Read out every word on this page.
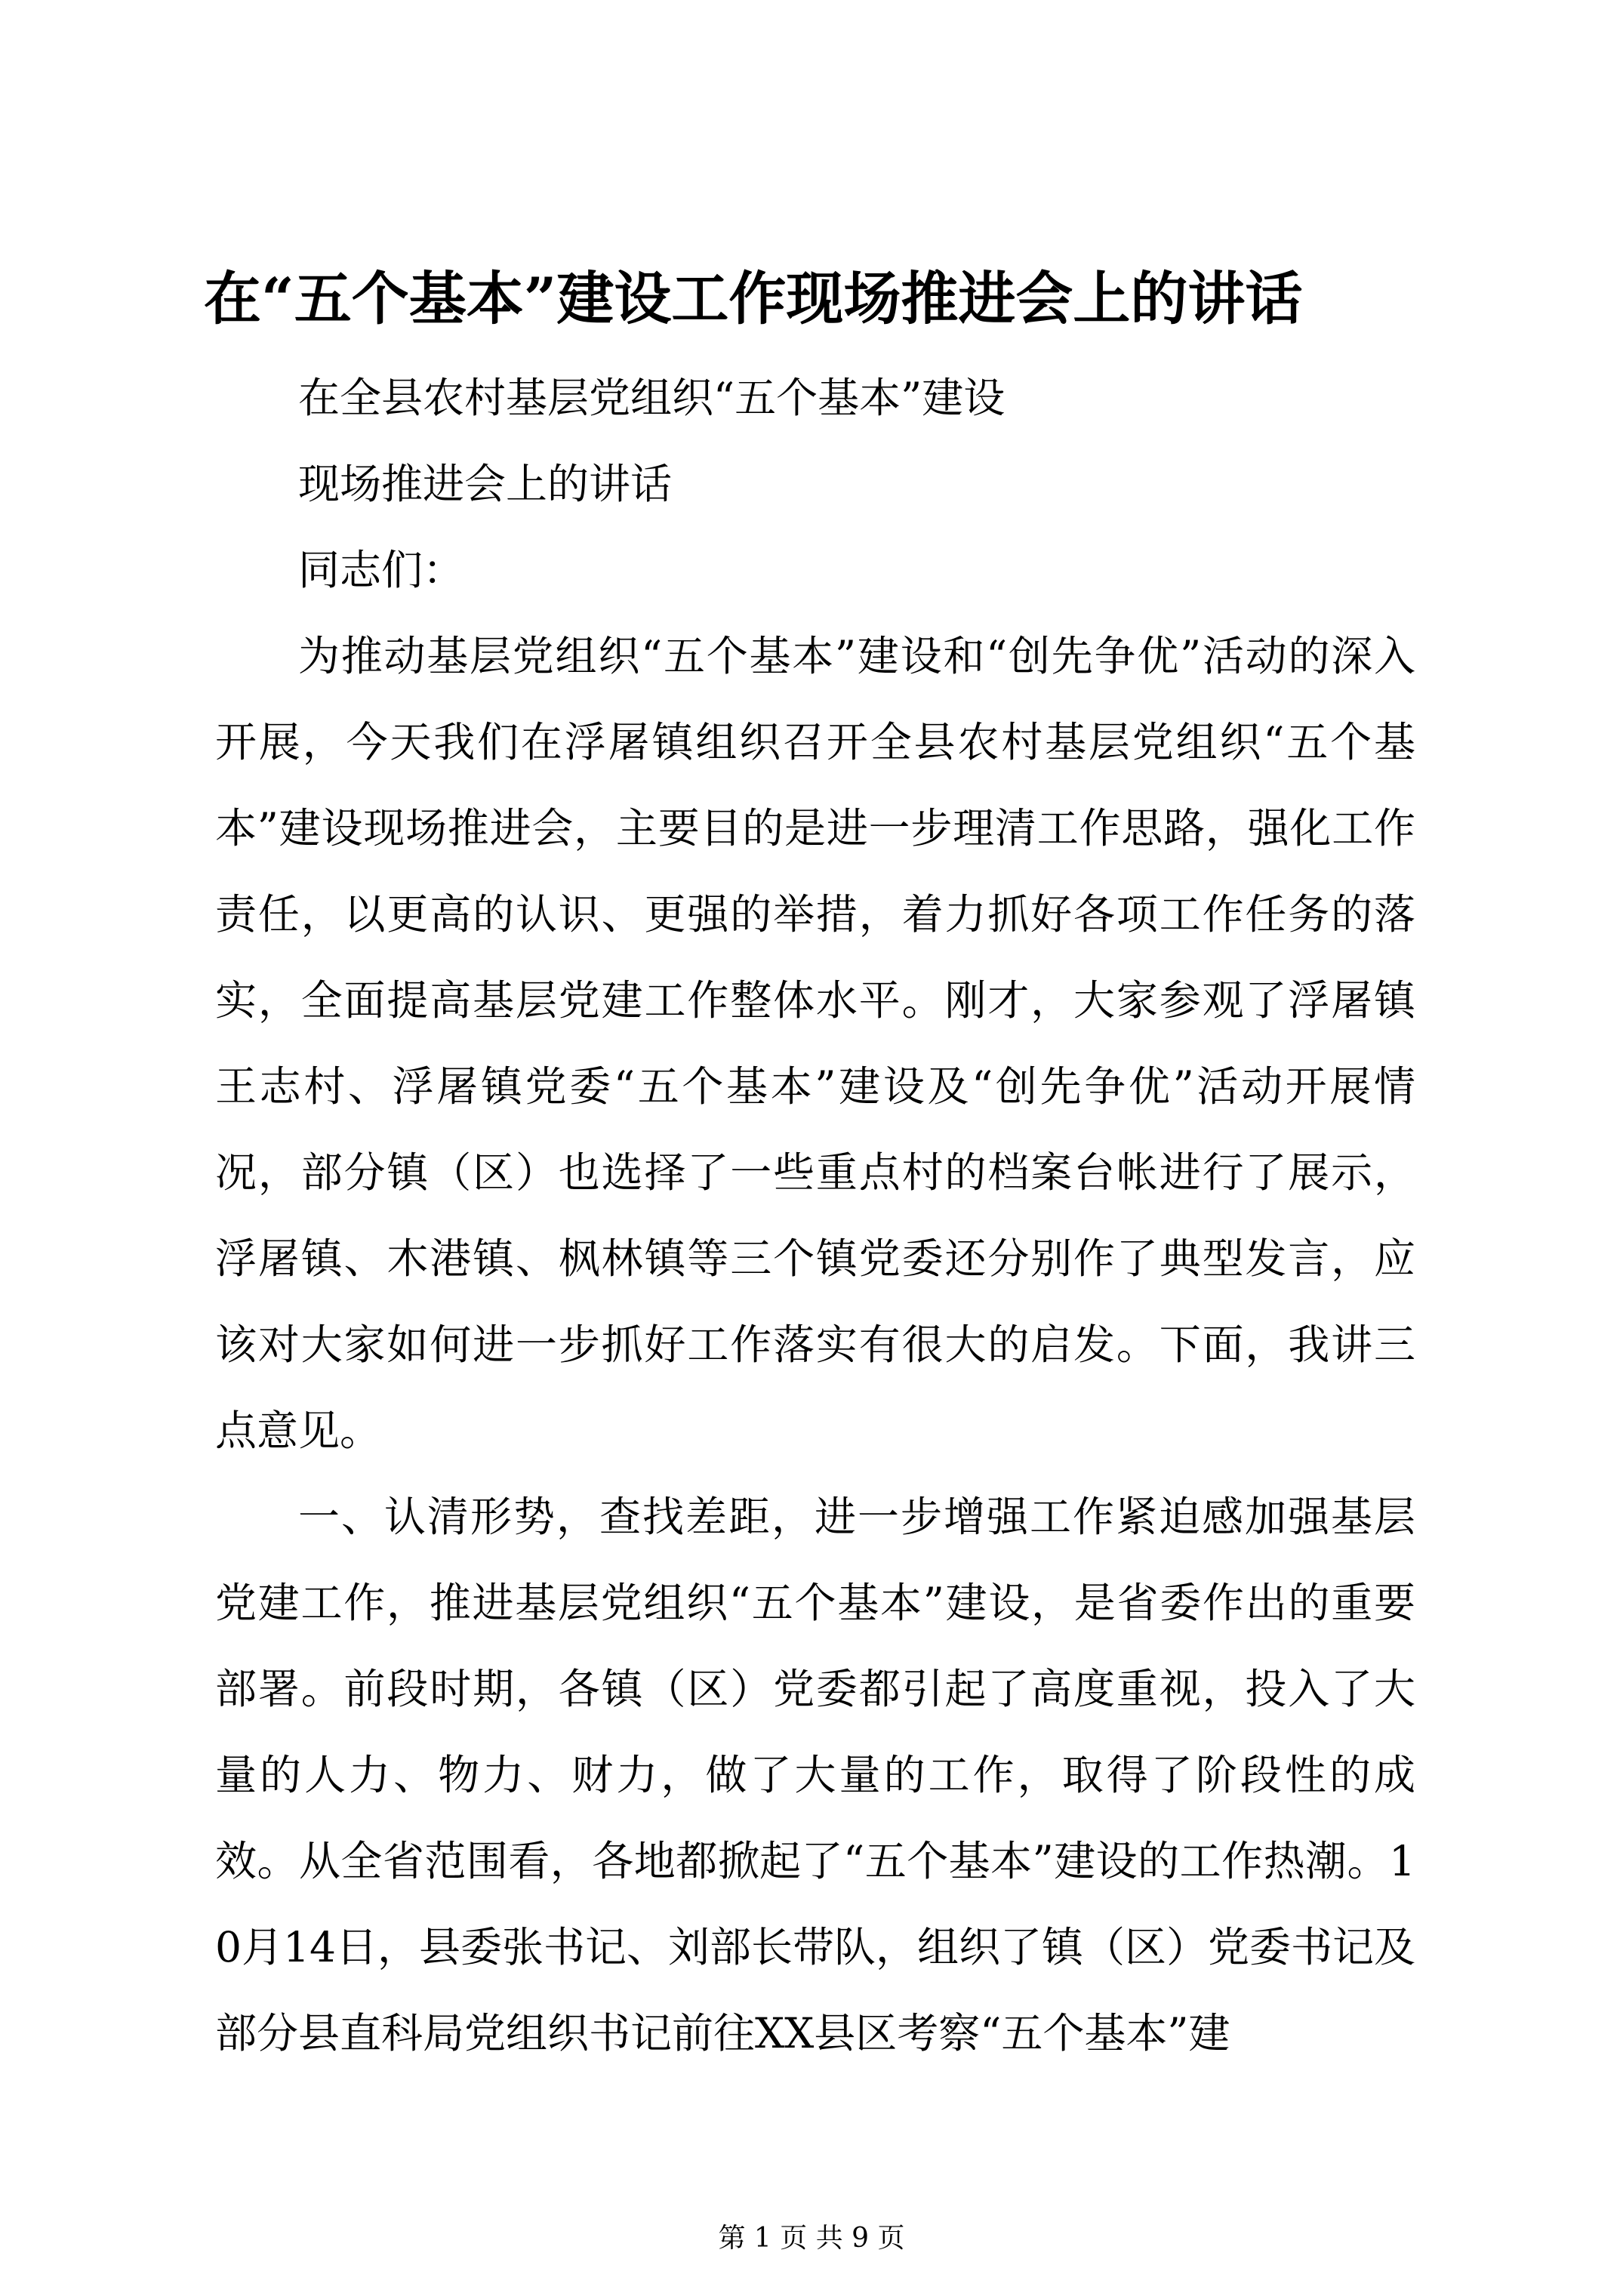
在“五个基本”建设工作现场推进会上的讲话

在全县农村基层党组织“五个基本”建设

现场推进会上的讲话

同志们：

为推动基层党组织“五个基本”建设和“创先争优”活动的深入开展，今天我们在浮屠镇组织召开全县农村基层党组织“五个基本”建设现场推进会，主要目的是进一步理清工作思路，强化工作责任，以更高的认识、更强的举措，着力抓好各项工作任务的落实，全面提高基层党建工作整体水平。刚才，大家参观了浮屠镇王志村、浮屠镇党委“五个基本”建设及“创先争优”活动开展情况，部分镇（区）也选择了一些重点村的档案台帐进行了展示，浮屠镇、木港镇、枫林镇等三个镇党委还分别作了典型发言，应该对大家如何进一步抓好工作落实有很大的启发。下面，我讲三点意见。

一、认清形势，查找差距，进一步增强工作紧迫感加强基层党建工作，推进基层党组织“五个基本”建设，是省委作出的重要部署。前段时期，各镇（区）党委都引起了高度重视，投入了大量的人力、物力、财力，做了大量的工作，取得了阶段性的成效。从全省范围看，各地都掀起了“五个基本”建设的工作热潮。10月14日，县委张书记、刘部长带队，组织了镇（区）党委书记及部分县直科局党组织书记前往XX县区考察“五个基本”建

第 1 页 共 9 页
